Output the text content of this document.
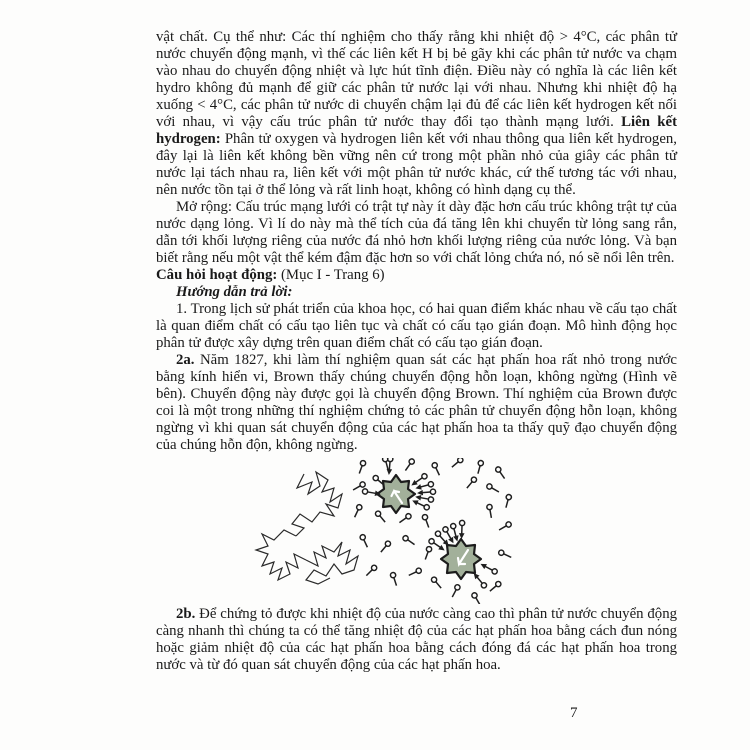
vật chất. Cụ thể như: Các thí nghiệm cho thấy rằng khi nhiệt độ > 4°C, các phân tử nước chuyển động mạnh, vì thế các liên kết H bị bẻ gãy khi các phân tử nước va chạm vào nhau do chuyển động nhiệt và lực hút tĩnh điện. Điều này có nghĩa là các liên kết hydro không đủ mạnh để giữ các phân tử nước lại với nhau. Nhưng khi nhiệt độ hạ xuống < 4°C, các phân tử nước di chuyển chậm lại đủ để các liên kết hydrogen kết nối với nhau, vì vậy cấu trúc phân tử nước thay đổi tạo thành mạng lưới. Liên kết hydrogen: Phân tử oxygen và hydrogen liên kết với nhau thông qua liên kết hydrogen, đây lại là liên kết không bền vững nên cứ trong một phần nhỏ của giây các phân tử nước lại tách nhau ra, liên kết với một phân tử nước khác, cứ thế tương tác với nhau, nên nước tồn tại ở thể lỏng và rất linh hoạt, không có hình dạng cụ thể.

Mở rộng: Cấu trúc mạng lưới có trật tự này ít dày đặc hơn cấu trúc không trật tự của nước dạng lỏng. Vì lí do này mà thể tích của đá tăng lên khi chuyển từ lỏng sang rắn, dẫn tới khối lượng riêng của nước đá nhỏ hơn khối lượng riêng của nước lỏng. Và bạn biết rằng nếu một vật thể kém đậm đặc hơn so với chất lỏng chứa nó, nó sẽ nổi lên trên.

Câu hỏi hoạt động: (Mục I - Trang 6)

Hướng dẫn trả lời:

1. Trong lịch sử phát triển của khoa học, có hai quan điểm khác nhau về cấu tạo chất là quan điểm chất có cấu tạo liên tục và chất có cấu tạo gián đoạn. Mô hình động học phân tử được xây dựng trên quan điểm chất có cấu tạo gián đoạn.

2a. Năm 1827, khi làm thí nghiệm quan sát các hạt phấn hoa rất nhỏ trong nước bằng kính hiển vi, Brown thấy chúng chuyển động hỗn loạn, không ngừng (Hình vẽ bên). Chuyển động này được gọi là chuyển động Brown. Thí nghiệm của Brown được coi là một trong những thí nghiệm chứng tỏ các phân tử chuyển động hỗn loạn, không ngừng vì khi quan sát chuyển động của các hạt phấn hoa ta thấy quỹ đạo chuyển động của chúng hỗn độn, không ngừng.

2b. Để chứng tỏ được khi nhiệt độ của nước càng cao thì phân tử nước chuyển động càng nhanh thì chúng ta có thể tăng nhiệt độ của các hạt phấn hoa bằng cách đun nóng hoặc giảm nhiệt độ của các hạt phấn hoa bằng cách đóng đá các hạt phấn hoa trong nước và từ đó quan sát chuyển động của các hạt phấn hoa.

7
